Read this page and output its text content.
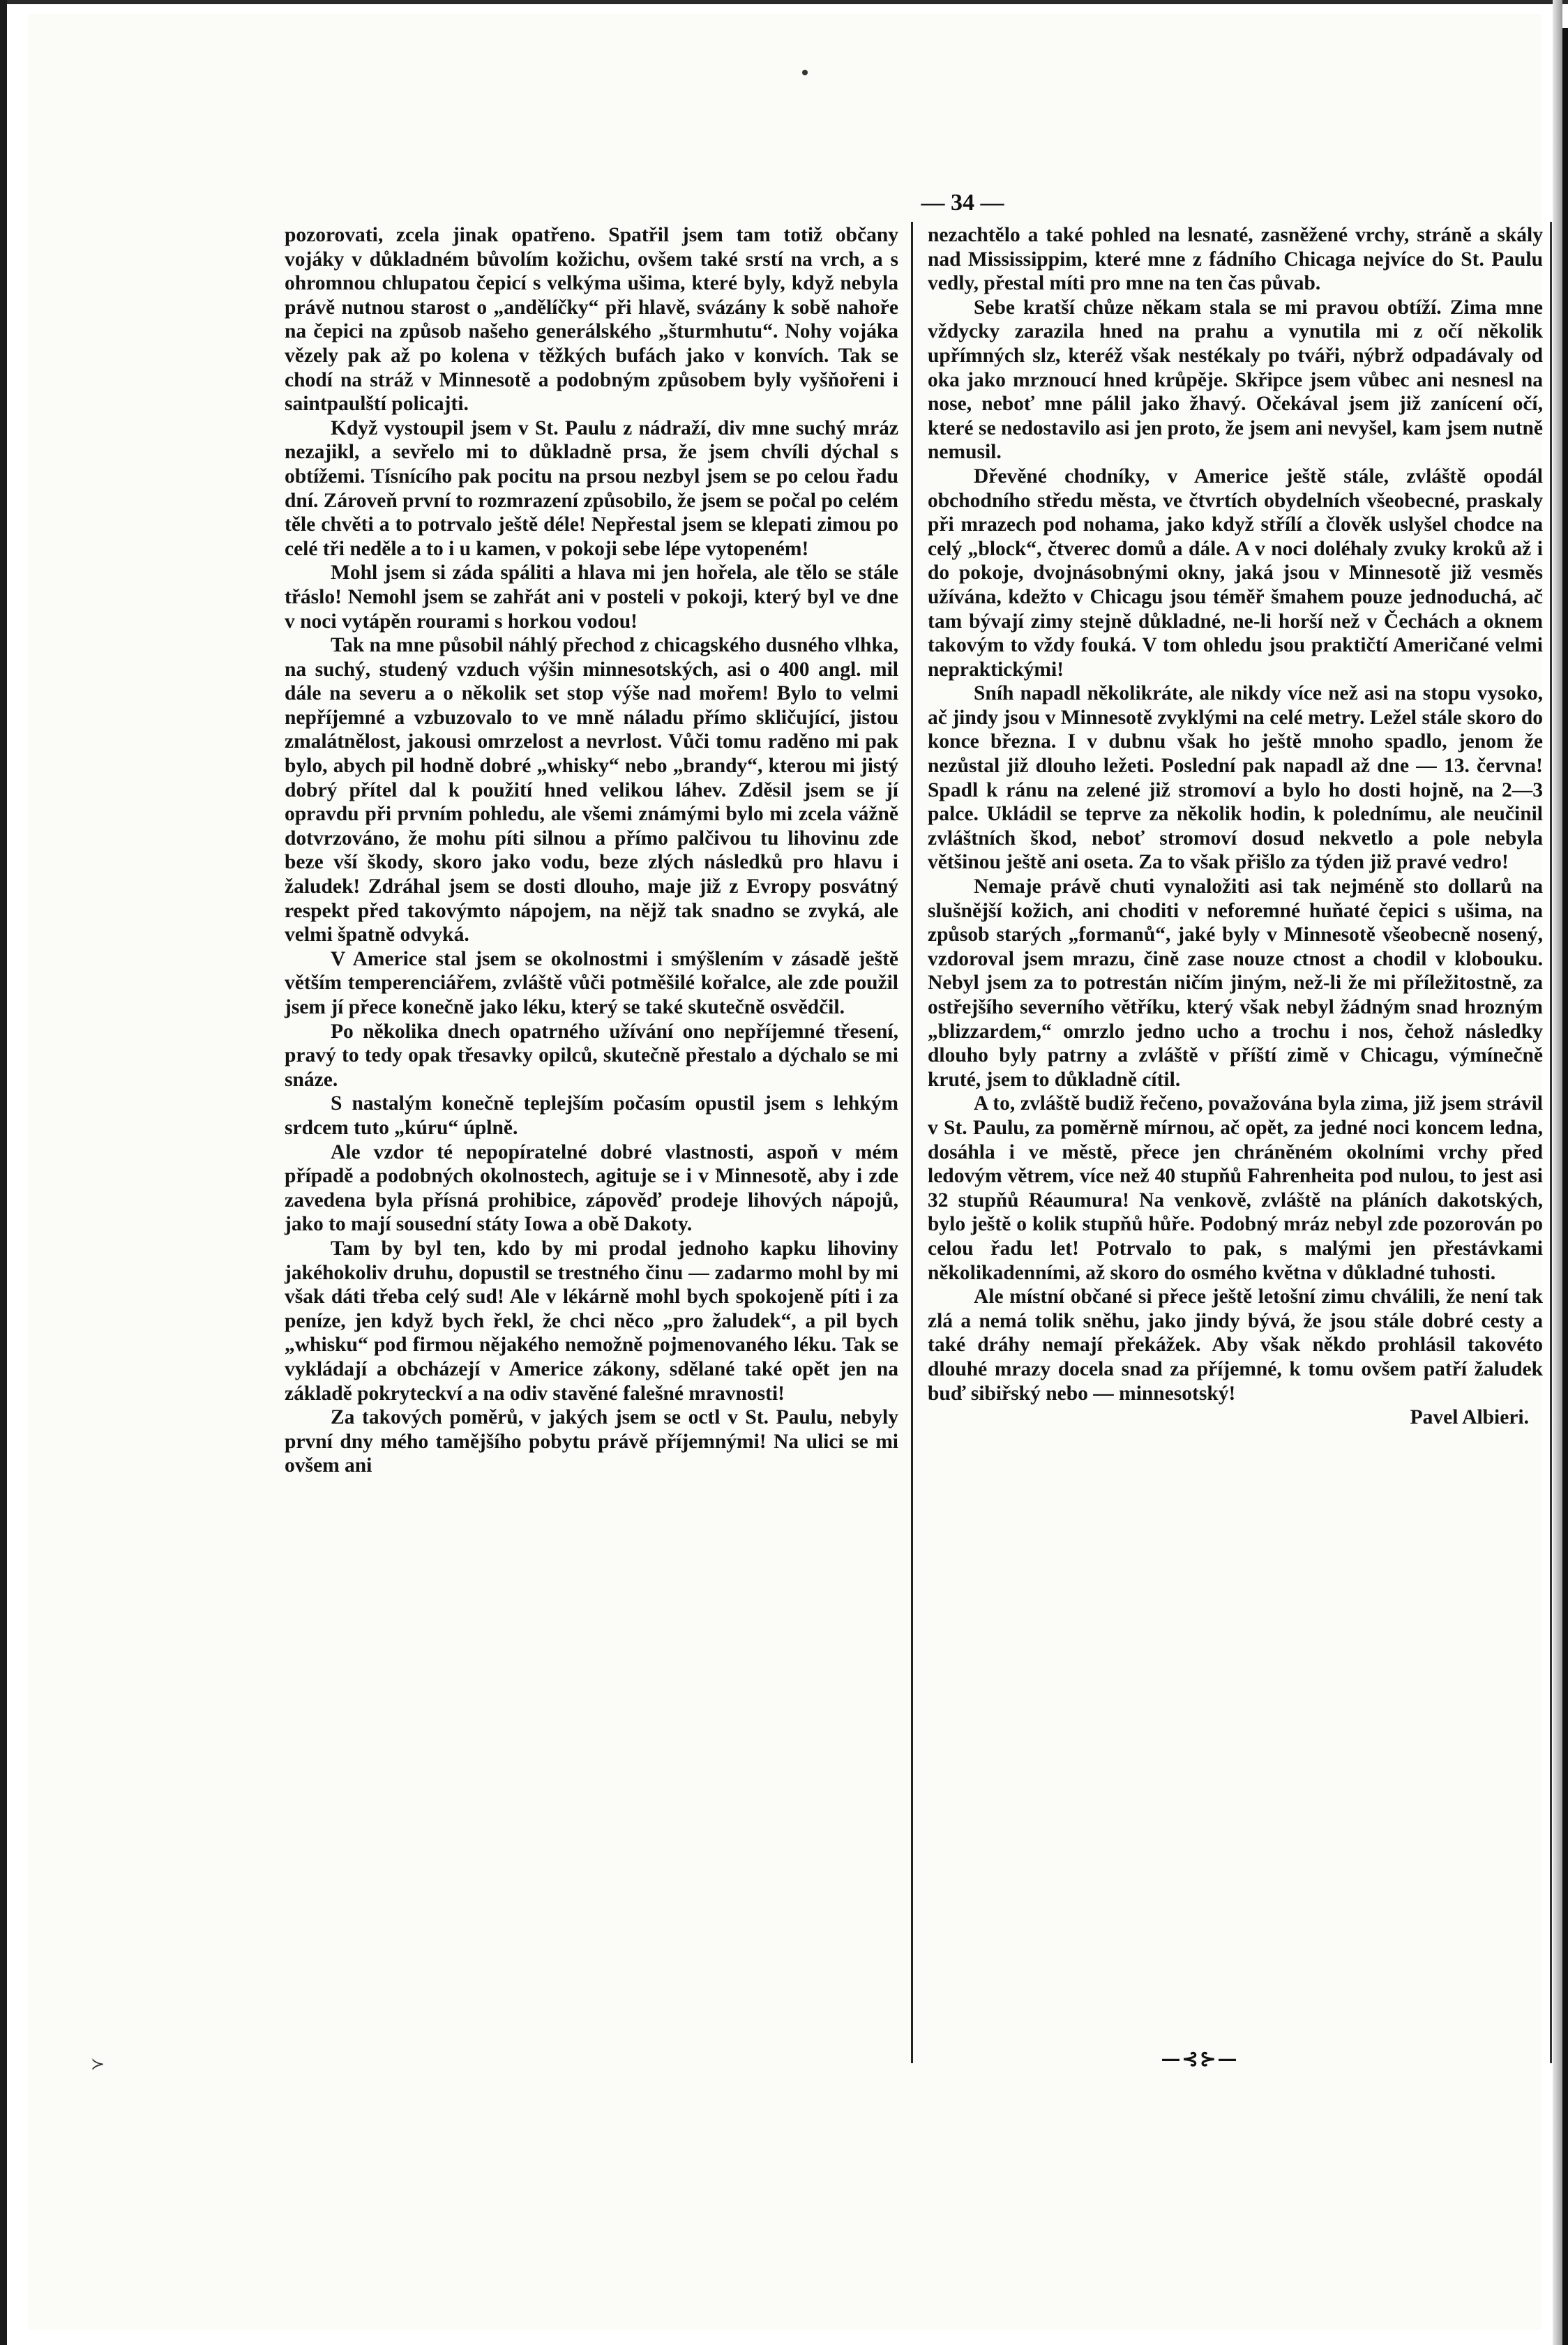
≻
— 34 —

pozorovati, zcela jinak opatřeno. Spatřil jsem tam totiž občany vojáky v důkladném bůvolím kožichu, ovšem také srstí na vrch, a s ohromnou chlupatou čepicí s velkýma ušima, které byly, když nebyla právě nutnou starost o „andělíčky“ při hlavě, svázány k sobě nahoře na čepici na způsob našeho generálského „šturmhutu“. Nohy vojáka vězely pak až po kolena v těžkých bufách jako v konvích. Tak se chodí na stráž v Minnesotě a podobným způsobem byly vyšňořeni i saintpaulští policajti.

Když vystoupil jsem v St. Paulu z nádraží, div mne suchý mráz nezajikl, a sevřelo mi to důkladně prsa, že jsem chvíli dýchal s obtížemi. Tísnícího pak pocitu na prsou nezbyl jsem se po celou řadu dní. Zároveň první to rozmrazení způsobilo, že jsem se počal po celém těle chvěti a to potrvalo ještě déle! Nepřestal jsem se klepati zimou po celé tři neděle a to i u kamen, v pokoji sebe lépe vytopeném!

Mohl jsem si záda spáliti a hlava mi jen hořela, ale tělo se stále třáslo! Nemohl jsem se zahřát ani v posteli v pokoji, který byl ve dne v noci vytápěn rourami s horkou vodou!

Tak na mne působil náhlý přechod z chicagského dusného vlhka, na suchý, studený vzduch výšin minnesotských, asi o 400 angl. mil dále na severu a o několik set stop výše nad mořem! Bylo to velmi nepříjemné a vzbuzovalo to ve mně náladu přímo skličující, jistou zmalátnělost, jakousi omrzelost a nevrlost. Vůči tomu raděno mi pak bylo, abych pil hodně dobré „whisky“ nebo „brandy“, kterou mi jistý dobrý přítel dal k použití hned velikou láhev. Zděsil jsem se jí opravdu při prvním pohledu, ale všemi známými bylo mi zcela vážně dotvrzováno, že mohu píti silnou a přímo palčivou tu lihovinu zde beze vší škody, skoro jako vodu, beze zlých následků pro hlavu i žaludek! Zdráhal jsem se dosti dlouho, maje již z Evropy posvátný respekt před takovýmto nápojem, na nějž tak snadno se zvyká, ale velmi špatně odvyká.

V Americe stal jsem se okolnostmi i smýšlením v zásadě ještě větším temperenciářem, zvláště vůči potměšilé kořalce, ale zde použil jsem jí přece konečně jako léku, který se také skutečně osvědčil.

Po několika dnech opatrného užívání ono nepříjemné třesení, pravý to tedy opak třesavky opilců, skutečně přestalo a dýchalo se mi snáze.

S nastalým konečně teplejším počasím opustil jsem s lehkým srdcem tuto „kúru“ úplně.

Ale vzdor té nepopíratelné dobré vlastnosti, aspoň v mém případě a podobných okolnostech, agituje se i v Minnesotě, aby i zde zavedena byla přísná prohibice, zápověď prodeje lihových nápojů, jako to mají sousední státy Iowa a obě Dakoty.

Tam by byl ten, kdo by mi prodal jednoho kapku lihoviny jakéhokoliv druhu, dopustil se trestného činu — zadarmo mohl by mi však dáti třeba celý sud! Ale v lékárně mohl bych spokojeně píti i za peníze, jen když bych řekl, že chci něco „pro žaludek“, a pil bych „whisku“ pod firmou nějakého nemožně pojmenovaného léku. Tak se vykládají a obcházejí v Americe zákony, sdělané také opět jen na základě pokryteckví a na odiv stavěné falešné mravnosti!

Za takových poměrů, v jakých jsem se octl v St. Paulu, nebyly první dny mého tamějšího pobytu právě příjemnými! Na ulici se mi ovšem ani

nezachtělo a také pohled na lesnaté, zasněžené vrchy, stráně a skály nad Mississippim, které mne z fádního Chicaga nejvíce do St. Paulu vedly, přestal míti pro mne na ten čas půvab.

Sebe kratší chůze někam stala se mi pravou obtíží. Zima mne vždycky zarazila hned na prahu a vynutila mi z očí několik upřímných slz, kteréž však nestékaly po tváři, nýbrž odpadávaly od oka jako mrznoucí hned krůpěje. Skřipce jsem vůbec ani nesnesl na nose, neboť mne pálil jako žhavý. Očekával jsem již zanícení očí, které se nedostavilo asi jen proto, že jsem ani nevyšel, kam jsem nutně nemusil.

Dřevěné chodníky, v Americe ještě stále, zvláště opodál obchodního středu města, ve čtvrtích obydelních všeobecné, praskaly při mrazech pod nohama, jako když střílí a člověk uslyšel chodce na celý „block“, čtverec domů a dále. A v noci doléhaly zvuky kroků až i do pokoje, dvojnásobnými okny, jaká jsou v Minnesotě již vesměs užívána, kdežto v Chicagu jsou téměř šmahem pouze jednoduchá, ač tam bývají zimy stejně důkladné, ne-li horší než v Čechách a oknem takovým to vždy fouká. V tom ohledu jsou praktičtí Američané velmi nepraktickými!

Sníh napadl několikráte, ale nikdy více než asi na stopu vysoko, ač jindy jsou v Minnesotě zvyklými na celé metry. Ležel stále skoro do konce března. I v dubnu však ho ještě mnoho spadlo, jenom že nezůstal již dlouho ležeti. Poslední pak napadl až dne — 13. června! Spadl k ránu na zelené již stromoví a bylo ho dosti hojně, na 2—3 palce. Ukládil se teprve za několik hodin, k polednímu, ale neučinil zvláštních škod, neboť stromoví dosud nekvetlo a pole nebyla většinou ještě ani oseta. Za to však přišlo za týden již pravé vedro!

Nemaje právě chuti vynaložiti asi tak nejméně sto dollarů na slušnější kožich, ani choditi v neforemné huňaté čepici s ušima, na způsob starých „formanů“, jaké byly v Minnesotě všeobecně nosený, vzdoroval jsem mrazu, čině zase nouze ctnost a chodil v klobouku. Nebyl jsem za to potrestán ničím jiným, než-li že mi příležitostně, za ostřejšího severního větříku, který však nebyl žádným snad hrozným „blizzardem,“ omrzlo jedno ucho a trochu i nos, čehož následky dlouho byly patrny a zvláště v příští zimě v Chicagu, výmínečně kruté, jsem to důkladně cítil.

A to, zvláště budiž řečeno, považována byla zima, již jsem strávil v St. Paulu, za poměrně mírnou, ač opět, za jedné noci koncem ledna, dosáhla i ve městě, přece jen chráněném okolními vrchy před ledovým větrem, více než 40 stupňů Fahrenheita pod nulou, to jest asi 32 stupňů Réaumura! Na venkově, zvláště na pláních dakotských, bylo ještě o kolik stupňů hůře. Podobný mráz nebyl zde pozorován po celou řadu let! Potrvalo to pak, s malými jen přestávkami několikadenními, až skoro do osmého května v důkladné tuhosti.

Ale místní občané si přece ještě letošní zimu chválili, že není tak zlá a nemá tolik sněhu, jako jindy bývá, že jsou stále dobré cesty a také dráhy nemají překážek. Aby však někdo prohlásil takovéto dlouhé mrazy docela snad za příjemné, k tomu ovšem patří žaludek buď sibiřský nebo — minnesotský!

Pavel Albieri.

—⊰⊱—
